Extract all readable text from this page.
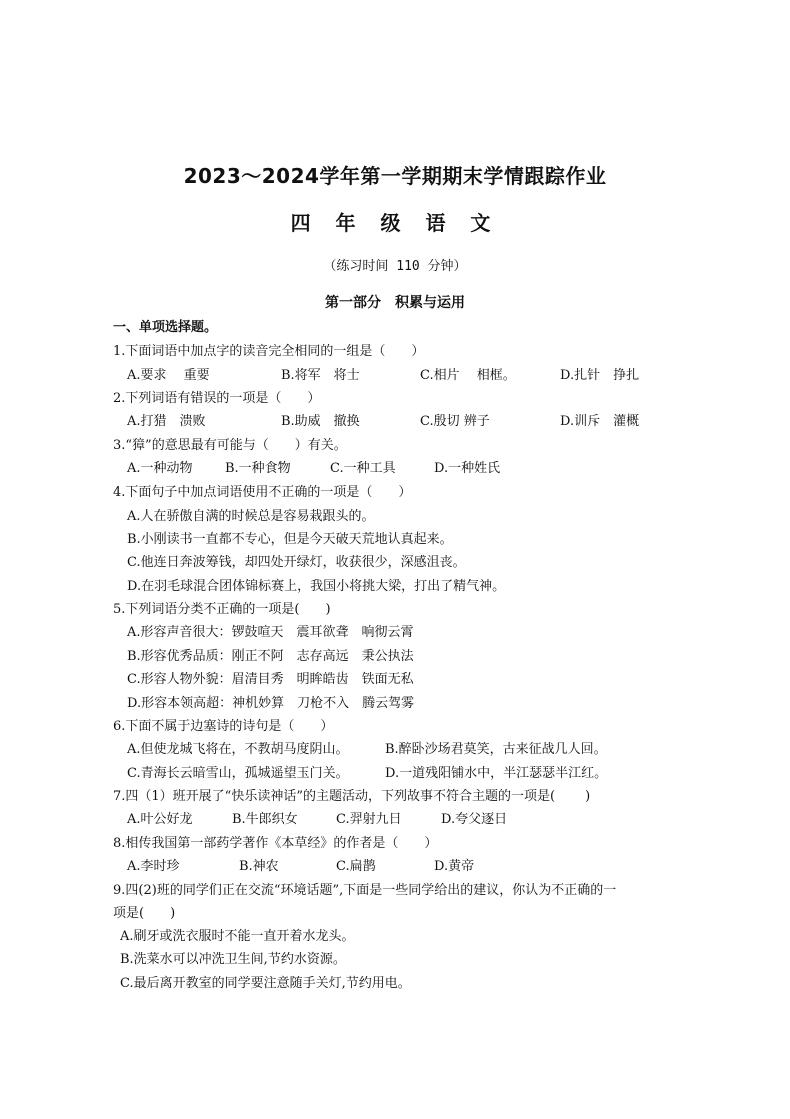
2023～2024学年第一学期期末学情跟踪作业
四 年 级 语 文
（练习时间 110 分钟）
第一部分　积累与运用
一、单项选择题。
1.下面词语中加点字的读音完全相同的一组是（　　）
A.要求　 重要	B.将军　将士	C.相片　 相框。	D.扎针　挣扎
2.下列词语有错误的一项是（　　）
A.打猎　溃败	B.助威　撤换	C.殷切 辨子	D.训斥　灌概
3.“獐”的意思最有可能与（　　）有关。
A.一种动物 B.一种食物	C.一种工具	D.一种姓氏
4.下面句子中加点词语使用不正确的一项是（　　）
A.人在骄傲自满的时候总是容易栽跟头的。
B.小刚读书一直都不专心，但是今天破天荒地认真起来。
C.他连日奔波筹钱，却四处开绿灯，收获很少，深感沮丧。
D.在羽毛球混合团体锦标赛上，我国小将挑大梁，打出了精气神。
5.下列词语分类不正确的一项是(　　)
A.形容声音很大：锣鼓喧天　震耳欲聋　响彻云霄
B.形容优秀品质：刚正不阿　志存高远　秉公执法
C.形容人物外貌：眉清目秀　明眸皓齿　铁面无私
D.形容本领高超：神机妙算　刀枪不入　腾云驾雾
6.下面不属于边塞诗的诗句是（　　）
A.但使龙城飞将在，不教胡马度阴山。	B.醉卧沙场君莫笑，古来征战几人回。
C.青海长云暗雪山，孤城遥望玉门关。	D.一道残阳铺水中，半江瑟瑟半江红。
7.四（1）班开展了“快乐读神话”的主题活动，下列故事不符合主题的一项是(　　 )
A.叶公好龙	B.牛郎织女	C.羿射九日	D.夸父逐日
8.相传我国第一部药学著作《本草经》的作者是（　　）
A.李时珍	B.神农	C.扁鹊	D.黄帝
9.四(2)班的同学们正在交流“环境话题”,下面是一些同学给出的建议，你认为不正确的一
项是(　　)
A.刷牙或洗衣服时不能一直开着水龙头。
B.洗菜水可以冲洗卫生间,节约水资源。
C.最后离开教室的同学要注意随手关灯,节约用电。
